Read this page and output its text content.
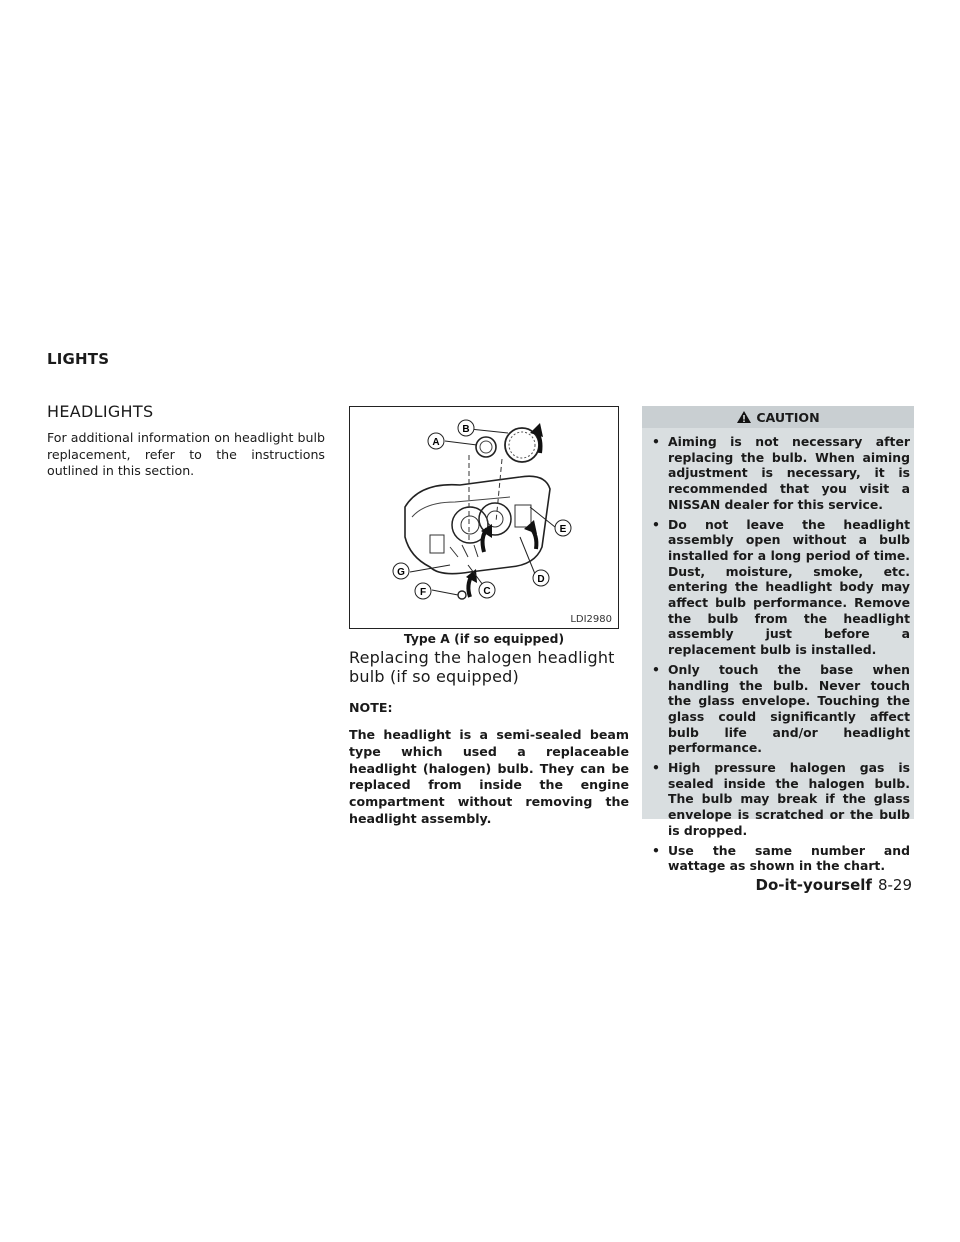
LIGHTS
HEADLIGHTS
For additional information on headlight bulb replacement, refer to the instructions outlined in this section.
A
B
C
D
E
F
G
LDI2980
Type A (if so equipped)
Replacing the halogen headlight bulb (if so equipped)
NOTE:
The headlight is a semi-sealed beam type which used a replaceable headlight (halogen) bulb. They can be replaced from inside the engine compartment without removing the headlight assembly.
CAUTION
• Aiming is not necessary after replacing the bulb. When aiming adjustment is necessary, it is recommended that you visit a NISSAN dealer for this service.
• Do not leave the headlight assembly open without a bulb installed for a long period of time. Dust, moisture, smoke, etc. entering the headlight body may affect bulb performance. Remove the bulb from the headlight assembly just before a replacement bulb is installed.
• Only touch the base when handling the bulb. Never touch the glass envelope. Touching the glass could significantly affect bulb life and/or headlight performance.
• High pressure halogen gas is sealed inside the halogen bulb. The bulb may break if the glass envelope is scratched or the bulb is dropped.
• Use the same number and wattage as shown in the chart.
Do-it-yourself 8-29
